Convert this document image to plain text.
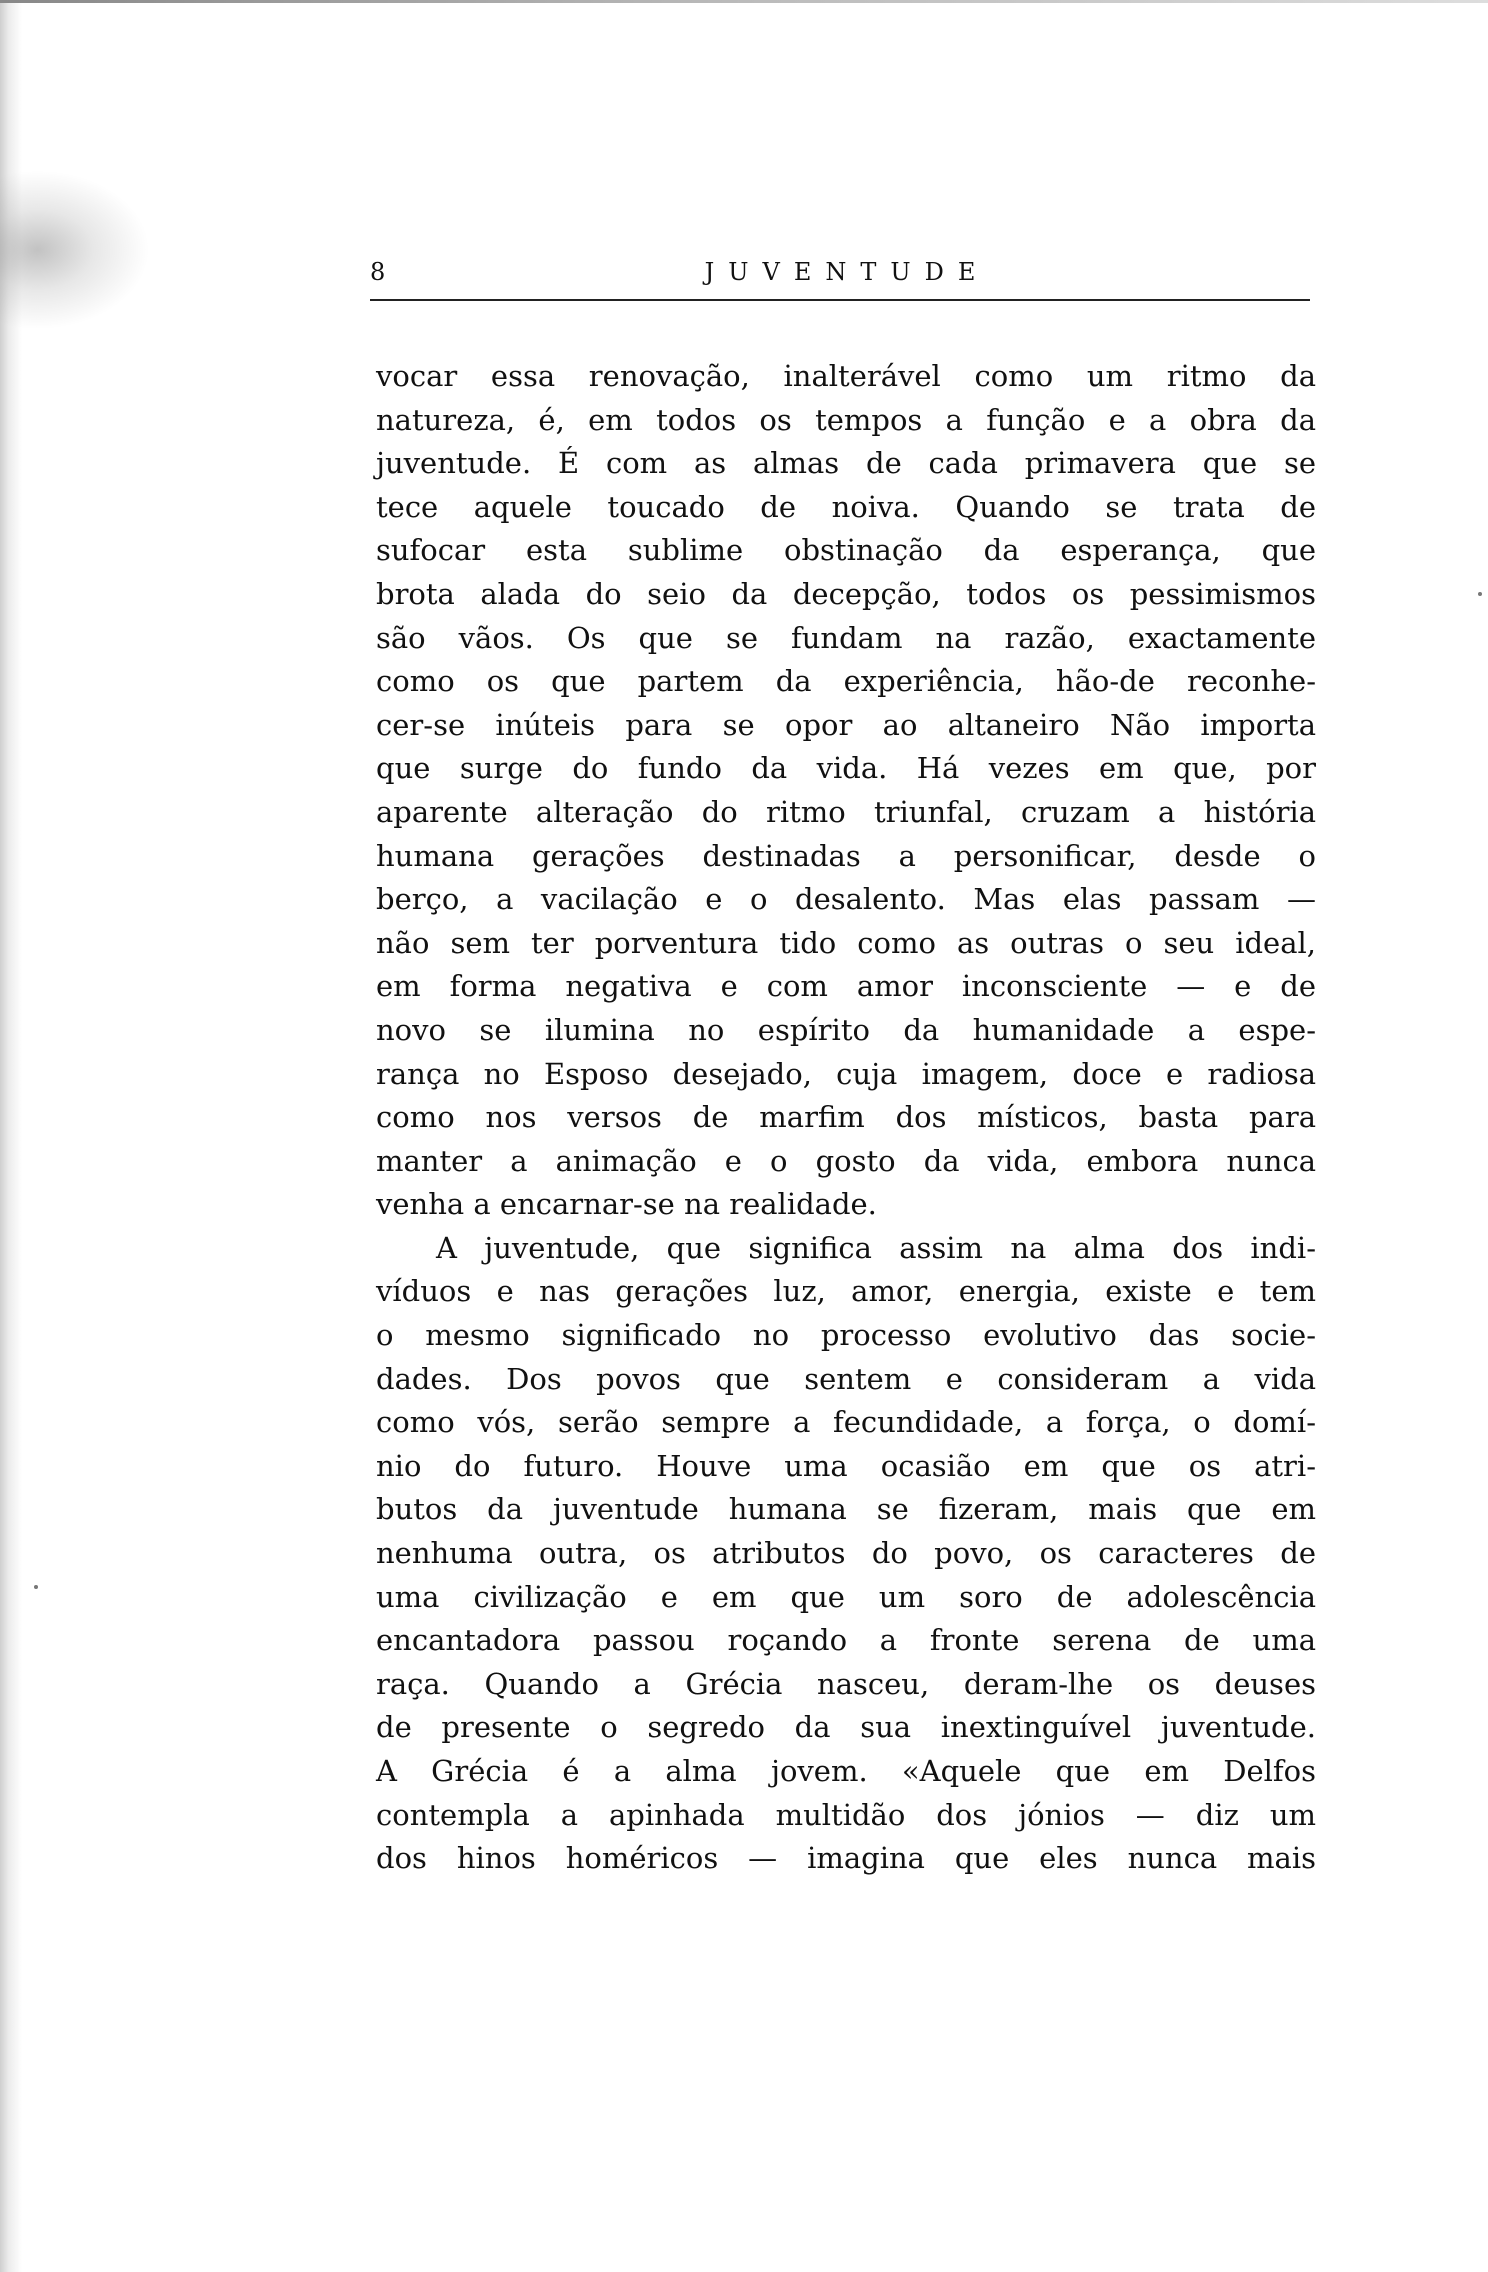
8	JUVENTUDE
vocar essa renovação, inalterável como um ritmo da
natureza, é, em todos os tempos a função e a obra da
juventude. É com as almas de cada primavera que se
tece aquele toucado de noiva. Quando se trata de
sufocar esta sublime obstinação da esperança, que
brota alada do seio da decepção, todos os pessimismos
são vãos. Os que se fundam na razão, exactamente
como os que partem da experiência, hão-de reconhe-
cer-se inúteis para se opor ao altaneiro Não importa
que surge do fundo da vida. Há vezes em que, por
aparente alteração do ritmo triunfal, cruzam a história
humana gerações destinadas a personificar, desde o
berço, a vacilação e o desalento. Mas elas passam —
não sem ter porventura tido como as outras o seu ideal,
em forma negativa e com amor inconsciente — e de
novo se ilumina no espírito da humanidade a espe-
rança no Esposo desejado, cuja imagem, doce e radiosa
como nos versos de marfim dos místicos, basta para
manter a animação e o gosto da vida, embora nunca
venha a encarnar-se na realidade.
A juventude, que significa assim na alma dos indi-
víduos e nas gerações luz, amor, energia, existe e tem
o mesmo significado no processo evolutivo das socie-
dades. Dos povos que sentem e consideram a vida
como vós, serão sempre a fecundidade, a força, o domí-
nio do futuro. Houve uma ocasião em que os atri-
butos da juventude humana se fizeram, mais que em
nenhuma outra, os atributos do povo, os caracteres de
uma civilização e em que um soro de adolescência
encantadora passou roçando a fronte serena de uma
raça. Quando a Grécia nasceu, deram-lhe os deuses
de presente o segredo da sua inextinguível juventude.
A Grécia é a alma jovem. «Aquele que em Delfos
contempla a apinhada multidão dos jónios — diz um
dos hinos homéricos — imagina que eles nunca mais
